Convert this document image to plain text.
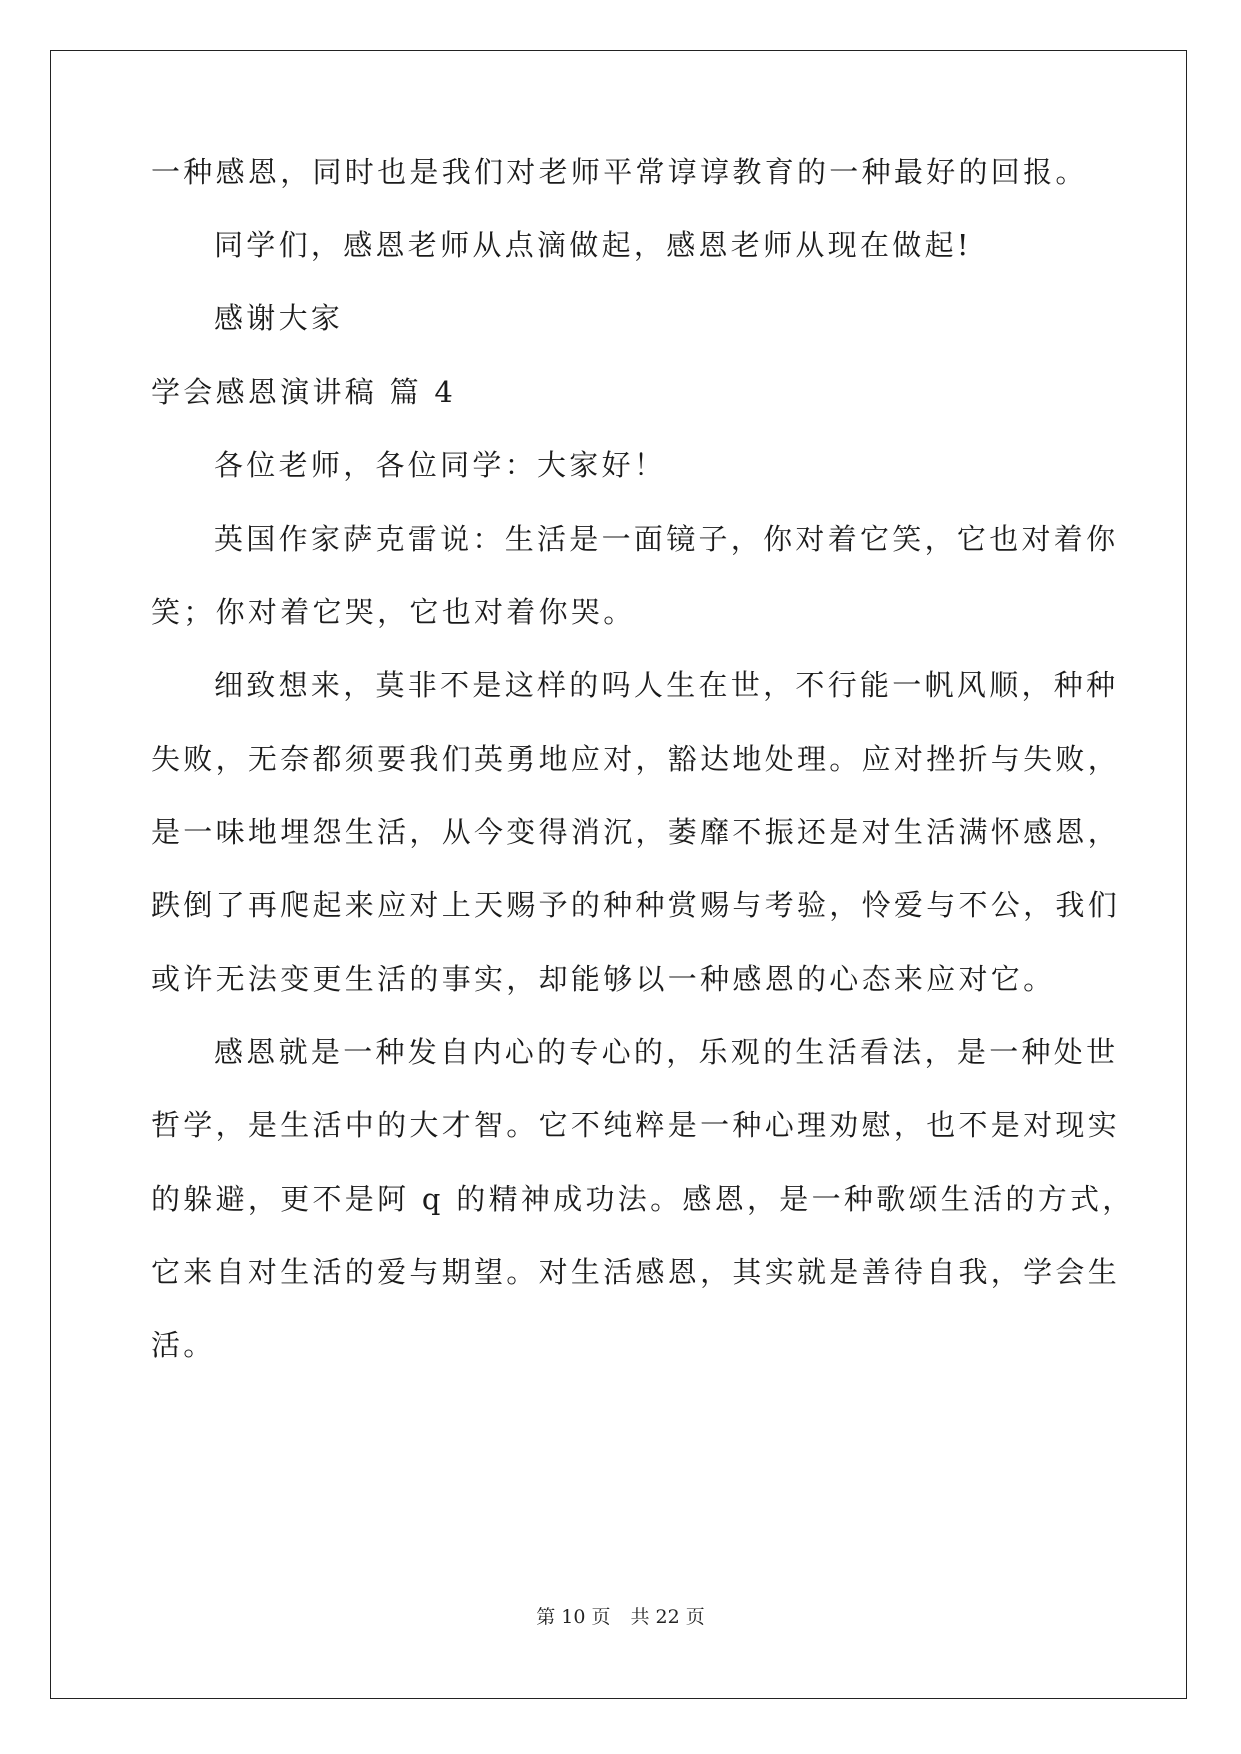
一种感恩，同时也是我们对老师平常谆谆教育的一种最好的回报。
同学们，感恩老师从点滴做起，感恩老师从现在做起!
感谢大家
学会感恩演讲稿 篇 4
各位老师，各位同学：大家好！
英国作家萨克雷说：生活是一面镜子，你对着它笑，它也对着你
笑；你对着它哭，它也对着你哭。
细致想来，莫非不是这样的吗人生在世，不行能一帆风顺，种种
失败，无奈都须要我们英勇地应对，豁达地处理。应对挫折与失败，
是一味地埋怨生活，从今变得消沉，萎靡不振还是对生活满怀感恩，
跌倒了再爬起来应对上天赐予的种种赏赐与考验，怜爱与不公，我们
或许无法变更生活的事实，却能够以一种感恩的心态来应对它。
感恩就是一种发自内心的专心的，乐观的生活看法，是一种处世
哲学，是生活中的大才智。它不纯粹是一种心理劝慰，也不是对现实
的躲避，更不是阿 q 的精神成功法。感恩，是一种歌颂生活的方式，
它来自对生活的爱与期望。对生活感恩，其实就是善待自我，学会生
活。
第 10 页 共 22 页
